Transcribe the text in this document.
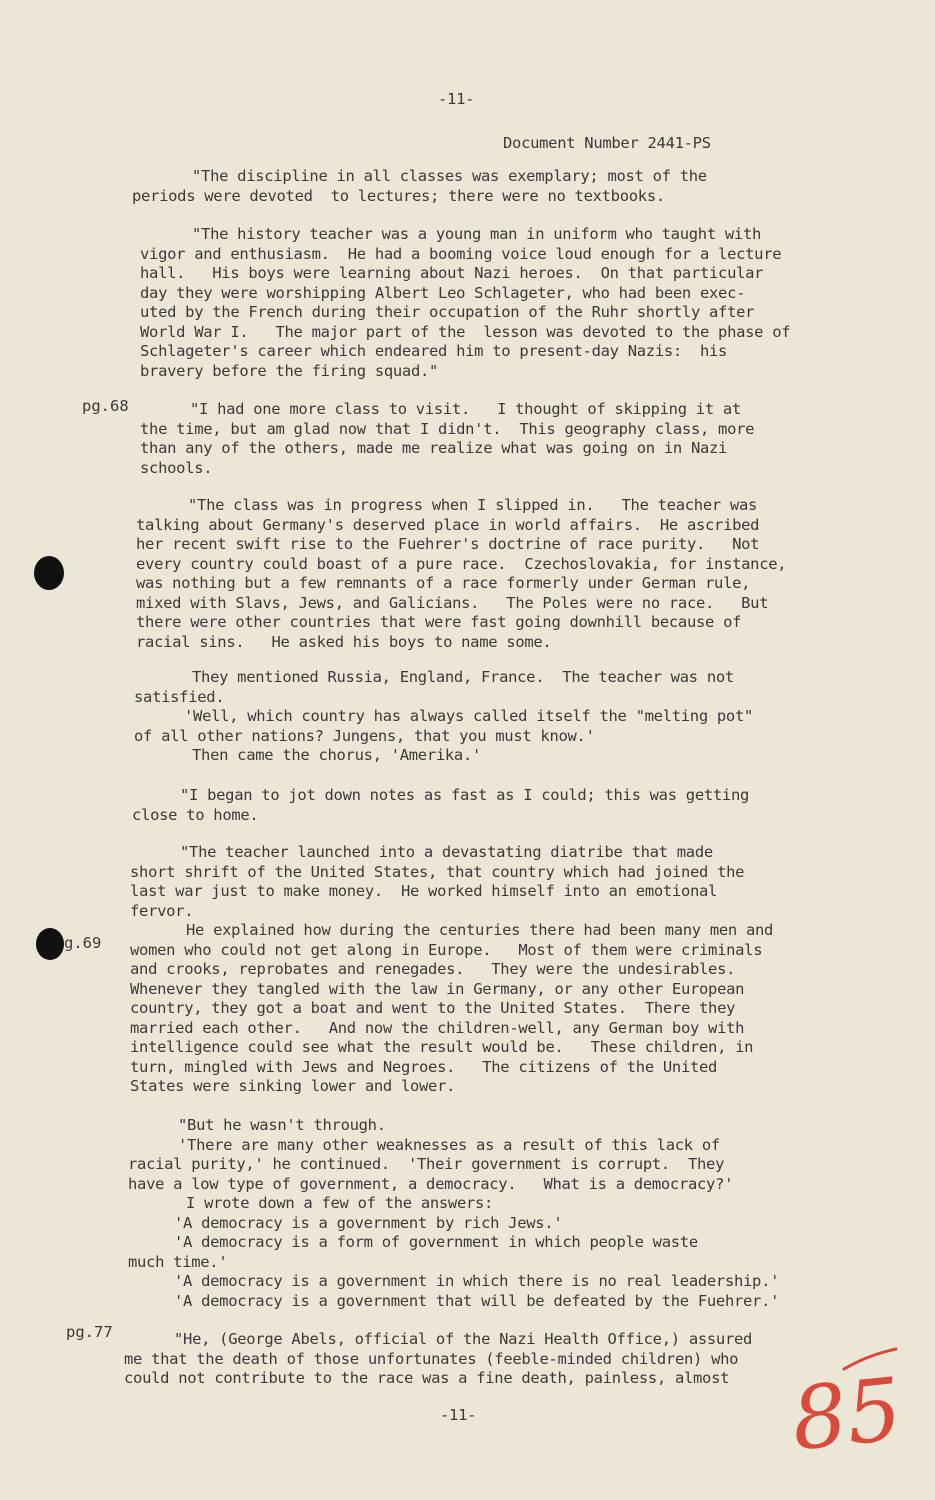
-11-
Document Number 2441-PS
"The discipline in all classes was exemplary; most of the
periods were devoted  to lectures; there were no textbooks.
"The history teacher was a young man in uniform who taught with
vigor and enthusiasm.  He had a booming voice loud enough for a lecture
hall.   His boys were learning about Nazi heroes.  On that particular
day they were worshipping Albert Leo Schlageter, who had been exec-
uted by the French during their occupation of the Ruhr shortly after
World War I.   The major part of the  lesson was devoted to the phase of
Schlageter's career which endeared him to present-day Nazis:  his
bravery before the firing squad."
pg.68	"I had one more class to visit.   I thought of skipping it at
the time, but am glad now that I didn't.  This geography class, more
than any of the others, made me realize what was going on in Nazi
schools.
"The class was in progress when I slipped in.   The teacher was
talking about Germany's deserved place in world affairs.  He ascribed
her recent swift rise to the Fuehrer's doctrine of race purity.   Not
every country could boast of a pure race.  Czechoslovakia, for instance,
was nothing but a few remnants of a race formerly under German rule,
mixed with Slavs, Jews, and Galicians.   The Poles were no race.   But
there were other countries that were fast going downhill because of
racial sins.   He asked his boys to name some.
They mentioned Russia, England, France.  The teacher was not
satisfied.
'Well, which country has always called itself the "melting pot"
of all other nations? Jungens, that you must know.'
Then came the chorus, 'Amerika.'
"I began to jot down notes as fast as I could; this was getting
close to home.
"The teacher launched into a devastating diatribe that made
short shrift of the United States, that country which had joined the
last war just to make money.  He worked himself into an emotional
fervor.
He explained how during the centuries there had been many men and
women who could not get along in Europe.   Most of them were criminals
and crooks, reprobates and renegades.   They were the undesirables.
Whenever they tangled with the law in Germany, or any other European
country, they got a boat and went to the United States.  There they
married each other.   And now the children-well, any German boy with
intelligence could see what the result would be.   These children, in
turn, mingled with Jews and Negroes.   The citizens of the United
States were sinking lower and lower.
g.69
"But he wasn't through.
'There are many other weaknesses as a result of this lack of
racial purity,' he continued.  'Their government is corrupt.  They
have a low type of government, a democracy.   What is a democracy?'
I wrote down a few of the answers:
'A democracy is a government by rich Jews.'
'A democracy is a form of government in which people waste
much time.'
'A democracy is a government in which there is no real leadership.'
'A democracy is a government that will be defeated by the Fuehrer.'
pg.77	"He, (George Abels, official of the Nazi Health Office,) assured
me that the death of those unfortunates (feeble-minded children) who
could not contribute to the race was a fine death, painless, almost
-11-	85
